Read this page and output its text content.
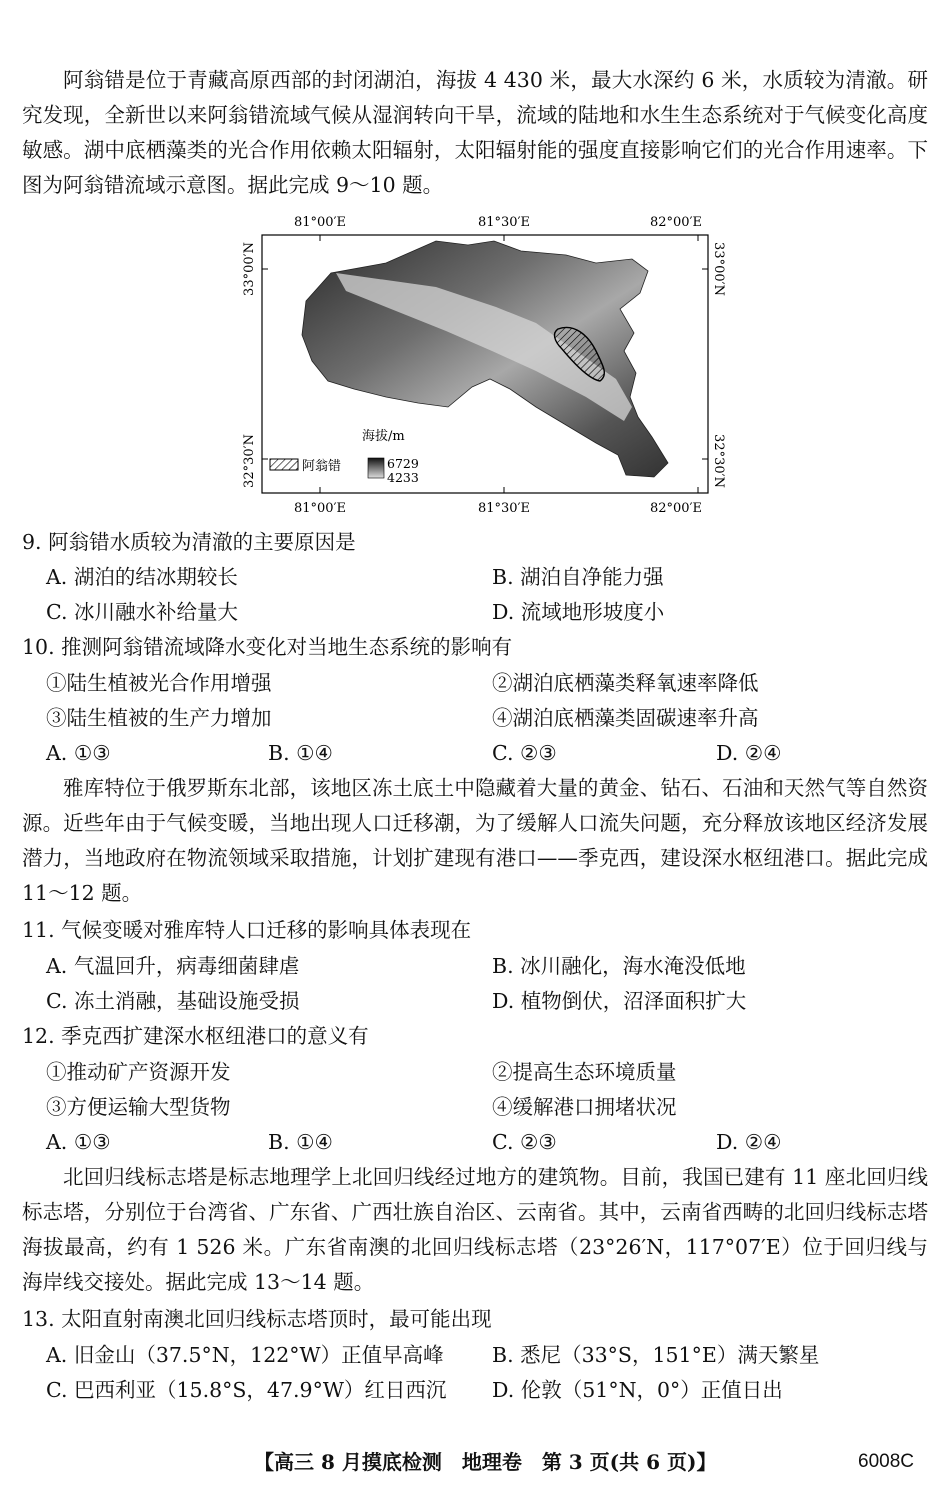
阿翁错是位于青藏高原西部的封闭湖泊，海拔 4 430 米，最大水深约 6 米，水质较为清澈。研究发现，全新世以来阿翁错流域气候从湿润转向干旱，流域的陆地和水生生态系统对于气候变化高度敏感。湖中底栖藻类的光合作用依赖太阳辐射，太阳辐射能的强度直接影响它们的光合作用速率。下图为阿翁错流域示意图。据此完成 9～10 题。

海拔/m
阿翁错	6729
4233
81°00′E	81°30′E	82°00′E
81°00′E	81°30′E	82°00′E
33°00′N
32°30′N
33°00′N
32°30′N

9. 阿翁错水质较为清澈的主要原因是

A. 湖泊的结冰期较长	B. 湖泊自净能力强

C. 冰川融水补给量大	D. 流域地形坡度小

10. 推测阿翁错流域降水变化对当地生态系统的影响有

①陆生植被光合作用增强	②湖泊底栖藻类释氧速率降低

③陆生植被的生产力增加	④湖泊底栖藻类固碳速率升高

A. ①③	B. ①④	C. ②③	D. ②④

雅库特位于俄罗斯东北部，该地区冻土底土中隐藏着大量的黄金、钻石、石油和天然气等自然资源。近些年由于气候变暖，当地出现人口迁移潮，为了缓解人口流失问题，充分释放该地区经济发展潜力，当地政府在物流领域采取措施，计划扩建现有港口——季克西，建设深水枢纽港口。据此完成 11～12 题。

11. 气候变暖对雅库特人口迁移的影响具体表现在

A. 气温回升，病毒细菌肆虐	B. 冰川融化，海水淹没低地

C. 冻土消融，基础设施受损	D. 植物倒伏，沼泽面积扩大

12. 季克西扩建深水枢纽港口的意义有

①推动矿产资源开发	②提高生态环境质量

③方便运输大型货物	④缓解港口拥堵状况

A. ①③	B. ①④	C. ②③	D. ②④

北回归线标志塔是标志地理学上北回归线经过地方的建筑物。目前，我国已建有 11 座北回归线标志塔，分别位于台湾省、广东省、广西壮族自治区、云南省。其中，云南省西畴的北回归线标志塔海拔最高，约有 1 526 米。广东省南澳的北回归线标志塔（23°26′N，117°07′E）位于回归线与海岸线交接处。据此完成 13～14 题。

13. 太阳直射南澳北回归线标志塔顶时，最可能出现

A. 旧金山（37.5°N，122°W）正值早高峰 B. 悉尼（33°S，151°E）满天繁星

C. 巴西利亚（15.8°S，47.9°W）红日西沉 D. 伦敦（51°N，0°）正值日出

【高三 8 月摸底检测　地理卷　第 3 页(共 6 页)】	6008C
